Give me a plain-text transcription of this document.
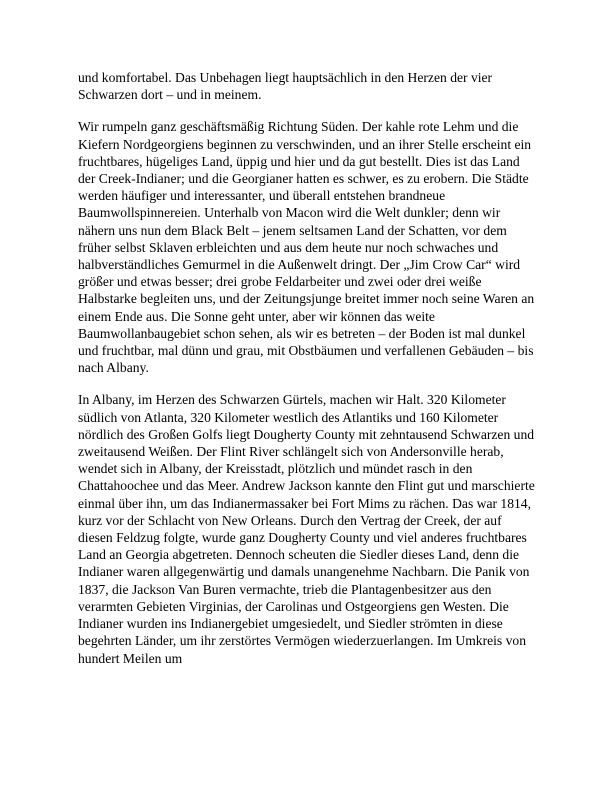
und komfortabel. Das Unbehagen liegt hauptsächlich in den Herzen der vier Schwarzen dort – und in meinem.

Wir rumpeln ganz geschäftsmäßig Richtung Süden. Der kahle rote Lehm und die Kiefern Nordgeorgiens beginnen zu verschwinden, und an ihrer Stelle erscheint ein fruchtbares, hügeliges Land, üppig und hier und da gut bestellt. Dies ist das Land der Creek-Indianer; und die Georgianer hatten es schwer, es zu erobern. Die Städte werden häufiger und interessanter, und überall entstehen brandneue Baumwollspinnereien. Unterhalb von Macon wird die Welt dunkler; denn wir nähern uns nun dem Black Belt – jenem seltsamen Land der Schatten, vor dem früher selbst Sklaven erbleichten und aus dem heute nur noch schwaches und halbverständliches Gemurmel in die Außenwelt dringt. Der „Jim Crow Car“ wird größer und etwas besser; drei grobe Feldarbeiter und zwei oder drei weiße Halbstarke begleiten uns, und der Zeitungsjunge breitet immer noch seine Waren an einem Ende aus. Die Sonne geht unter, aber wir können das weite Baumwollanbaugebiet schon sehen, als wir es betreten – der Boden ist mal dunkel und fruchtbar, mal dünn und grau, mit Obstbäumen und verfallenen Gebäuden – bis nach Albany.

In Albany, im Herzen des Schwarzen Gürtels, machen wir Halt. 320 Kilometer südlich von Atlanta, 320 Kilometer westlich des Atlantiks und 160 Kilometer nördlich des Großen Golfs liegt Dougherty County mit zehntausend Schwarzen und zweitausend Weißen. Der Flint River schlängelt sich von Andersonville herab, wendet sich in Albany, der Kreisstadt, plötzlich und mündet rasch in den Chattahoochee und das Meer. Andrew Jackson kannte den Flint gut und marschierte einmal über ihn, um das Indianermassaker bei Fort Mims zu rächen. Das war 1814, kurz vor der Schlacht von New Orleans. Durch den Vertrag der Creek, der auf diesen Feldzug folgte, wurde ganz Dougherty County und viel anderes fruchtbares Land an Georgia abgetreten. Dennoch scheuten die Siedler dieses Land, denn die Indianer waren allgegenwärtig und damals unangenehme Nachbarn. Die Panik von 1837, die Jackson Van Buren vermachte, trieb die Plantagenbesitzer aus den verarmten Gebieten Virginias, der Carolinas und Ostgeorgiens gen Westen. Die Indianer wurden ins Indianergebiet umgesiedelt, und Siedler strömten in diese begehrten Länder, um ihr zerstörtes Vermögen wiederzuerlangen. Im Umkreis von hundert Meilen um
